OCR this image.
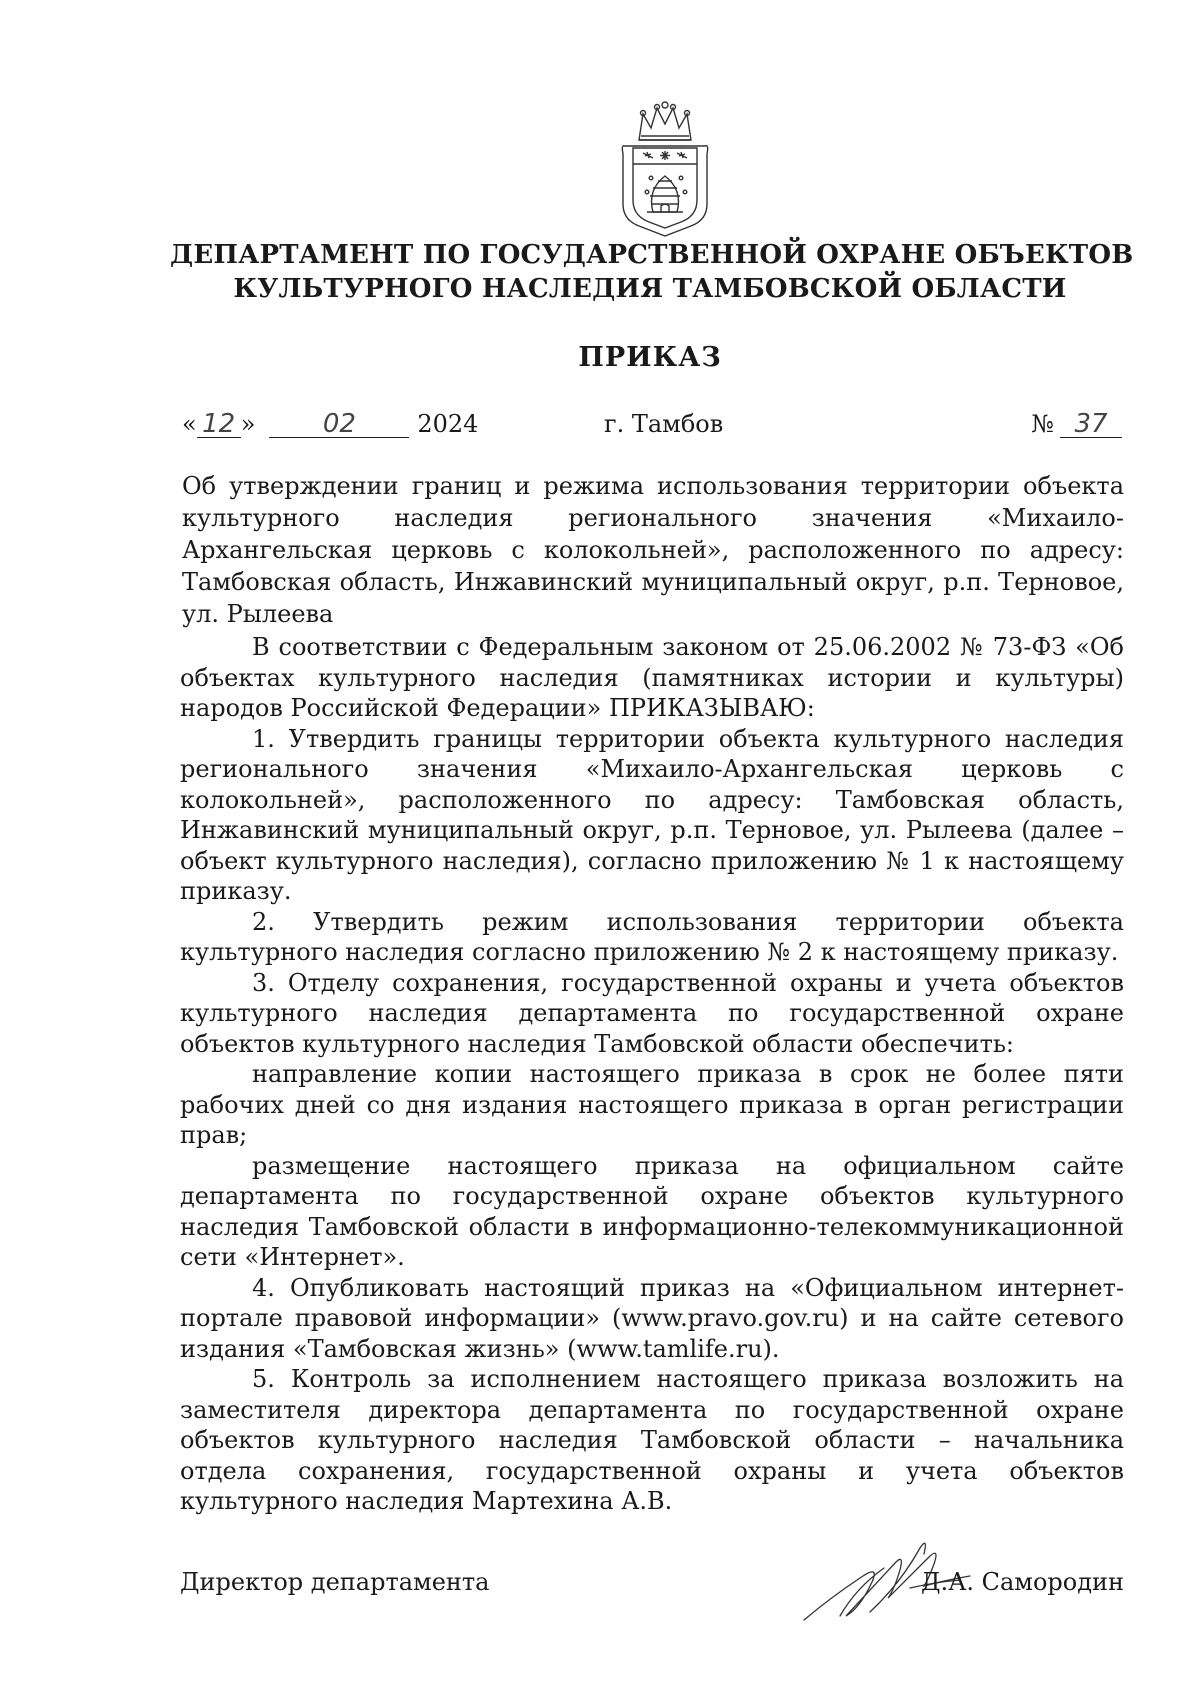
ДЕПАРТАМЕНТ ПО ГОСУДАРСТВЕННОЙ ОХРАНЕ ОБЪЕКТОВ
КУЛЬТУРНОГО НАСЛЕДИЯ ТАМБОВСКОЙ ОБЛАСТИ
ПРИКАЗ
« 12 »	02	2024	г. Тамбов	№ 37
Об утверждении границ и режима использования территории объекта культурного наследия регионального значения «Михаило-Архангельская церковь с колокольней», расположенного по адресу: Тамбовская область, Инжавинский муниципальный округ, р.п. Терновое, ул. Рылеева

В соответствии с Федеральным законом от 25.06.2002 № 73-ФЗ «Об объектах культурного наследия (памятниках истории и культуры) народов Российской Федерации» ПРИКАЗЫВАЮ:

1. Утвердить границы территории объекта культурного наследия регионального значения «Михаило-Архангельская церковь с колокольней», расположенного по адресу: Тамбовская область, Инжавинский муниципальный округ, р.п. Терновое, ул. Рылеева (далее – объект культурного наследия), согласно приложению № 1 к настоящему приказу.

2. Утвердить режим использования территории объекта культурного наследия согласно приложению № 2 к настоящему приказу.

3. Отделу сохранения, государственной охраны и учета объектов культурного наследия департамента по государственной охране объектов культурного наследия Тамбовской области обеспечить:

направление копии настоящего приказа в срок не более пяти рабочих дней со дня издания настоящего приказа в орган регистрации прав;

размещение настоящего приказа на официальном сайте департамента по государственной охране объектов культурного наследия Тамбовской области в информационно-телекоммуникационной сети «Интернет».

4. Опубликовать настоящий приказ на «Официальном интернет-портале правовой информации» (www.pravo.gov.ru) и на сайте сетевого издания «Тамбовская жизнь» (www.tamlife.ru).

5. Контроль за исполнением настоящего приказа возложить на заместителя директора департамента по государственной охране объектов культурного наследия Тамбовской области – начальника отдела сохранения, государственной охраны и учета объектов культурного наследия Мартехина А.В.

Директор департамента	Д.А. Самородин
